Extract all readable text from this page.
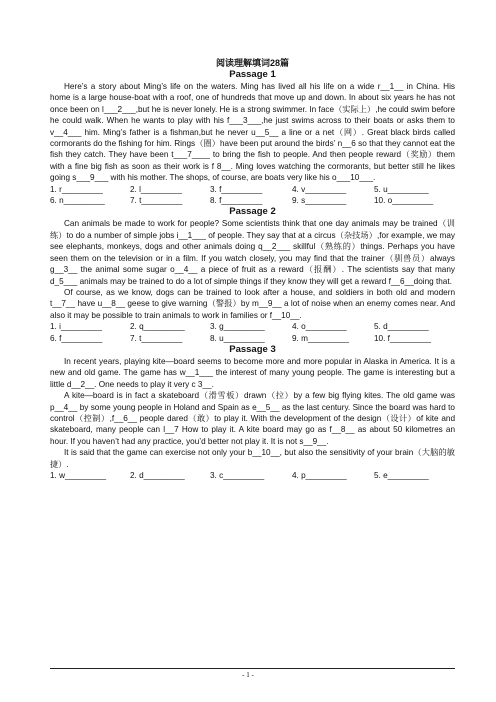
阅读理解填词28篇

Passage 1

Here’s a story about Ming’s life on the waters. Ming has lived all his life on a wide r__1__ in China. His home is a large house-boat with a roof, one of hundreds that move up and down. In about six years he has not once been on l___2___,but he is never lonely. He is a strong swimmer. In face（实际上）,he could swim before he could walk. When he wants to play with his f___3___,he just swims across to their boats or asks them to v__4___ him. Ming’s father is a fishman,but he never u__5__ a line or a net（网）. Great black birds called cormorants do the fishing for him. Rings（圈）have been put around the birds’ n__6 so that they cannot eat the fish they catch. They have been t___7____ to bring the fish to people. And then people reward（奖励）them with a fine big fish as soon as their work is f 8__. Ming loves watching the cormorants, but better still he likes going s___9___ with his mother. The shops, of course, are boats very like his o___10___.

1. r_________	2. l_________	3. f_________	4. v_________	5. u_________
6. n_________	7. t_________	8. f_________	9. s_________	10. o_________

Passage 2

Can animals be made to work for people? Some scientists think that one day animals may be trained（训练）to do a number of simple jobs i__1___ of people. They say that at a circus（杂技场）,for example, we may see elephants, monkeys, dogs and other animals doing q__2___ skillful（熟练的）things. Perhaps you have seen them on the television or in a film. If you watch closely, you may find that the trainer（驯兽员）always g__3__ the animal some sugar o__4__ a piece of fruit as a reward（报酬）. The scientists say that many d_5___ animals may be trained to do a lot of simple things if they know they will get a reward f__6__doing that.

Of course, as we know, dogs can be trained to look after a house, and soldiers in both old and modern t__7__ have u__8__ geese to give warning（警报）by m__9__ a lot of noise when an enemy comes near. And also it may be possible to train animals to work in families or f__10__.

1. i_________	2. q_________	3. g_________	4. o_________	5. d_________
6. f_________	7. t_________	8. u_________	9. m_________	10. f_________

Passage 3

In recent years, playing kite—board seems to become more and more popular in Alaska in America. It is a new and old game. The game has w__1___ the interest of many young people. The game is interesting but a little d__2__. One needs to play it very c 3__.

A kite—board is in fact a skateboard（滑雪板）drawn（拉）by a few big flying kites. The old game was p__4__ by some young people in Holand and Spain as e__5__ as the last century. Since the board was hard to control（控制）,f__6__ people dared（敢）to play it. With the development of the design（设计）of kite and skateboard, many people can l__7 How to play it. A kite board may go as f__8__ as about 50 kilometres an hour. If you haven’t had any practice, you’d better not play it. It is not s__9__.

It is said that the game can exercise not only your b__10__, but also the sensitivity of your brain（大脑的敏捷）.

1. w_________	2. d_________	3. c_________	4. p_________	5. e_________
- 1 -
